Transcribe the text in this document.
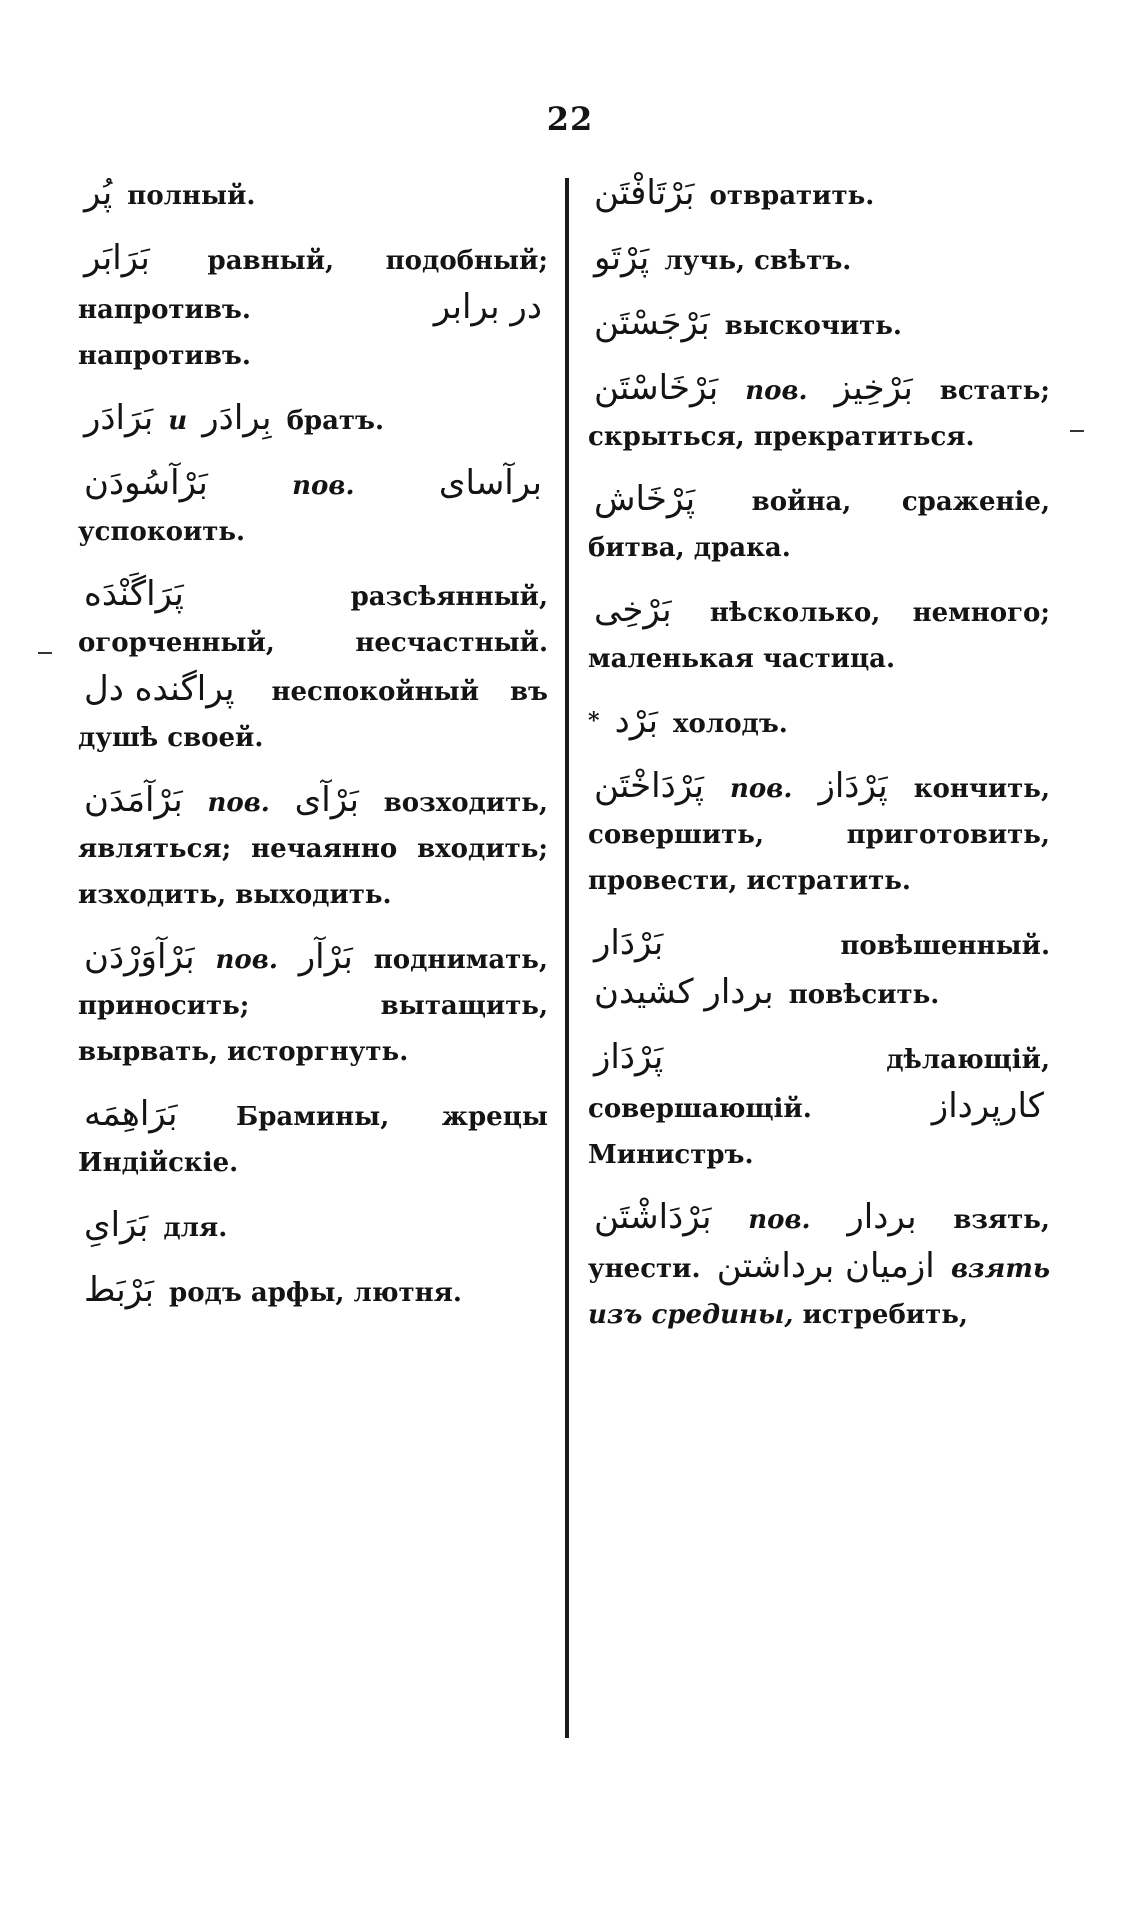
22
پُر полный.
بَرَابَر равный, подобный; напротивъ.	در برابر напротивъ.
بَرَادَر и بِرادَر братъ.
بَرْآسُودَن	пов. برآسای успокоить.
پَرَاگَنْدَه	разсѣянный, огорченный, несчастный. پراگنده دل неспокойный въ душѣ своей.
بَرْآمَدَن пов. بَرْآی возходить, являться; нечаянно входить; изходить, выходить.
بَرْآوَرْدَن пов. بَرْآر поднимать, приносить; вытащить, вырвать, исторгнуть.
بَرَاهِمَه Брамины, жрецы Индійскіе.
بَرَایِ для.
بَرْبَط родъ арфы, лютня.
بَرْتَافْتَن отвратить.
پَرْتَو лучь, свѣтъ.
بَرْجَسْتَن выскочить.
بَرْخَاسْتَن пов. بَرْخِیز встать; скрыться, прекратиться.
پَرْخَاش война, сраженіе, битва, драка.
بَرْخِی нѣсколько, немного; маленькая частица.
* بَرْد холодъ.
پَرْدَاخْتَن пов. پَرْدَاز кончить, совершить, приготовить, провести, истратить.
بَرْدَار	повѣшенный. بردار کشیدن повѣсить.
پَرْدَاز	дѣлающій, совершающій.	کارپرداز Министръ.
بَرْدَاشْتَن пов. بردار взять, унести. ازمیان برداشتن взять изъ средины, истребить,
